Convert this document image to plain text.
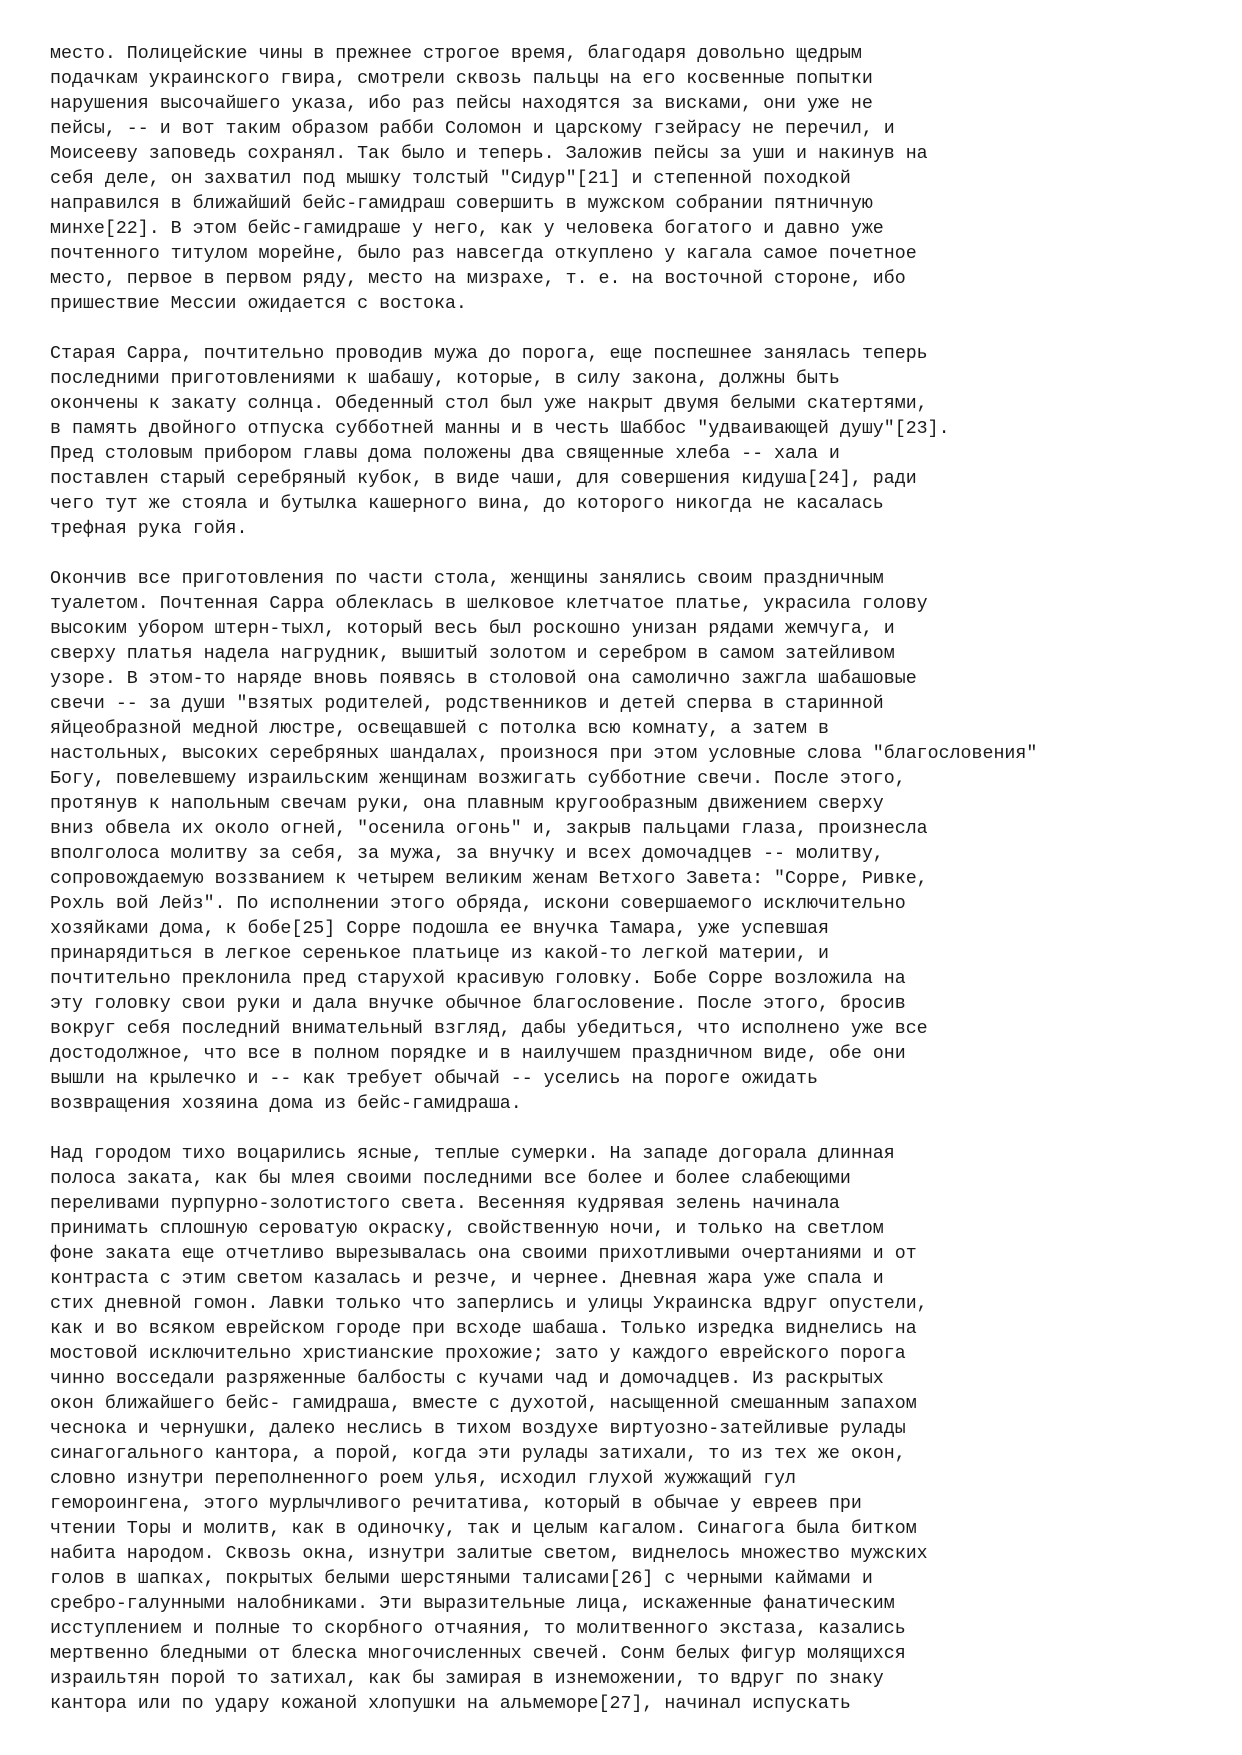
место. Полицейские чины в прежнее строгое время, благодаря довольно щедрым
подачкам украинского гвира, смотрели сквозь пальцы на его косвенные попытки
нарушения высочайшего указа, ибо раз пейсы находятся за висками, они уже не
пейсы, -- и вот таким образом рабби Соломон и царскому гзейрасу не перечил, и
Моисееву заповедь сохранял. Так было и теперь. Заложив пейсы за уши и накинув на
себя деле, он захватил под мышку толстый "Сидур"[21] и степенной походкой
направился в ближайший бейс-гамидраш совершить в мужском собрании пятничную
минхе[22]. В этом бейс-гамидраше у него, как у человека богатого и давно уже
почтенного титулом морейне, было раз навсегда откуплено у кагала самое почетное
место, первое в первом ряду, место на мизрахе, т. е. на восточной стороне, ибо
пришествие Мессии ожидается с востока.
Старая Сарра, почтительно проводив мужа до порога, еще поспешнее занялась теперь
последними приготовлениями к шабашу, которые, в силу закона, должны быть
окончены к закату солнца. Обеденный стол был уже накрыт двумя белыми скатертями,
в память двойного отпуска субботней манны и в честь Шаббос "удваивающей душу"[23].
Пред столовым прибором главы дома положены два священные хлеба -- хала и
поставлен старый серебряный кубок, в виде чаши, для совершения кидуша[24], ради
чего тут же стояла и бутылка кашерного вина, до которого никогда не касалась
трефная рука гойя.
Окончив все приготовления по части стола, женщины занялись своим праздничным
туалетом. Почтенная Сарра облеклась в шелковое клетчатое платье, украсила голову
высоким убором штерн-тыхл, который весь был роскошно унизан рядами жемчуга, и
сверху платья надела нагрудник, вышитый золотом и серебром в самом затейливом
узоре. В этом-то наряде вновь появясь в столовой она самолично зажгла шабашовые
свечи -- за души "взятых родителей, родственников и детей сперва в старинной
яйцеобразной медной люстре, освещавшей с потолка всю комнату, а затем в
настольных, высоких серебряных шандалах, произнося при этом условные слова "благословения"
Богу, повелевшему израильским женщинам возжигать субботние свечи. После этого,
протянув к напольным свечам руки, она плавным кругообразным движением сверху
вниз обвела их около огней, "осенила огонь" и, закрыв пальцами глаза, произнесла
вполголоса молитву за себя, за мужа, за внучку и всех домочадцев -- молитву,
сопровождаемую воззванием к четырем великим женам Ветхого Завета: "Сорре, Ривке,
Рохль вой Лейз". По исполнении этого обряда, искони совершаемого исключительно
хозяйками дома, к бобе[25] Сорре подошла ее внучка Тамара, уже успевшая
принарядиться в легкое серенькое платьице из какой-то легкой материи, и
почтительно преклонила пред старухой красивую головку. Бобе Сорре возложила на
эту головку свои руки и дала внучке обычное благословение. После этого, бросив
вокруг себя последний внимательный взгляд, дабы убедиться, что исполнено уже все
достодолжное, что все в полном порядке и в наилучшем праздничном виде, обе они
вышли на крылечко и -- как требует обычай -- уселись на пороге ожидать
возвращения хозяина дома из бейс-гамидраша.
Над городом тихо воцарились ясные, теплые сумерки. На западе догорала длинная
полоса заката, как бы млея своими последними все более и более слабеющими
переливами пурпурно-золотистого света. Весенняя кудрявая зелень начинала
принимать сплошную сероватую окраску, свойственную ночи, и только на светлом
фоне заката еще отчетливо вырезывалась она своими прихотливыми очертаниями и от
контраста с этим светом казалась и резче, и чернее. Дневная жара уже спала и
стих дневной гомон. Лавки только что заперлись и улицы Украинска вдруг опустели,
как и во всяком еврейском городе при всходе шабаша. Только изредка виднелись на
мостовой исключительно христианские прохожие; зато у каждого еврейского порога
чинно восседали разряженные балбосты с кучами чад и домочадцев. Из раскрытых
окон ближайшего бейс- гамидраша, вместе с духотой, насыщенной смешанным запахом
чеснока и чернушки, далеко неслись в тихом воздухе виртуозно-затейливые рулады
синагогального кантора, а порой, когда эти рулады затихали, то из тех же окон,
словно изнутри переполненного роем улья, исходил глухой жужжащий гул
гемороингена, этого мурлычливого речитатива, который в обычае у евреев при
чтении Торы и молитв, как в одиночку, так и целым кагалом. Синагога была битком
набита народом. Сквозь окна, изнутри залитые светом, виднелось множество мужских
голов в шапках, покрытых белыми шерстяными талисами[26] с черными каймами и
сребро-галунными налобниками. Эти выразительные лица, искаженные фанатическим
исступлением и полные то скорбного отчаяния, то молитвенного экстаза, казались
мертвенно бледными от блеска многочисленных свечей. Сонм белых фигур молящихся
израильтян порой то затихал, как бы замирая в изнеможении, то вдруг по знаку
кантора или по удару кожаной хлопушки на альмеморе[27], начинал испускать
